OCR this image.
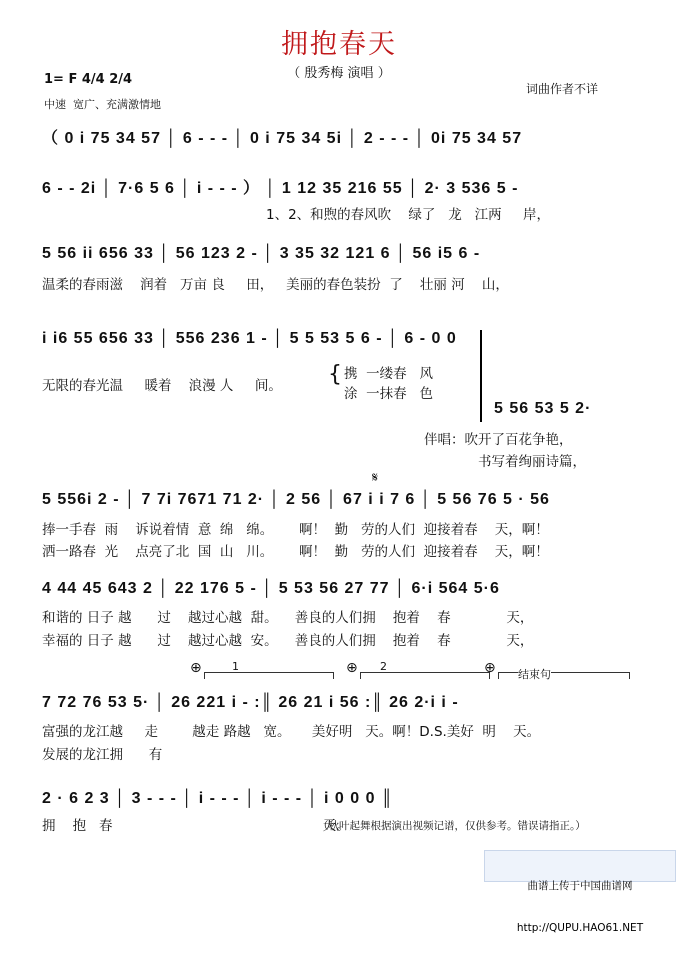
拥抱春天
（ 殷秀梅 演唱 ）
1= F 4/4 2/4
中速  宽广、充满激情地
词曲作者不详
（ 0 i 75 34 57 │ 6 - - - │ 0 i 75 34 5i │ 2 - - - │ 0i 75 34 57
6 - - 2i │ 7·6 5 6 │ i - - - ） │ 1 12 35 216 55 │ 2· 3 536 5 -
1、2、和煦的春风吹    绿了   龙   江两     岸，
5 56 ii 656 33 │ 56 123 2 - │ 3 35 32 121 6 │ 56 i5 6 -
温柔的春雨滋    润着   万亩 良     田，   美丽的春色装扮  了    壮丽 河    山，
i i6 55 656 33 │ 556 236 1 - │ 5 5 53 5 6 - │ 6 - 0 0
无限的春光温     暖着    浪漫 人     间。 { 携  一缕春   风
涂  一抹春   色
5 56 53 5 2·
伴唱：吹开了百花争艳，
书写着绚丽诗篇，
𝄋
5 556i 2 - │ 7 7i 7671 71 2· │ 2 56 │ 67 i i 7 6 │ 5 56 76 5 · 56
捧一手春  雨    诉说着情  意  绵   绵。      啊！  勤   劳的人们  迎接着春    天，啊！
洒一路春  光    点亮了北  国  山   川。      啊！  勤   劳的人们  迎接着春    天，啊！
4 44 45 643 2 │ 22 176 5 - │ 5 53 56 27 77 │ 6·i 564 5·6
和谐的 日子 越      过    越过心越  甜。    善良的人们拥    抱着    春             天，
幸福的 日子 越      过    越过心越  安。    善良的人们拥    抱着    春             天，
⊕	1	⊕ 2	⊕ 结束句
7 72 76 53 5· │ 26 221 i - :║ 26 21 i 56 :║ 26 2·i i -
富强的龙江越     走        越走 路越   宽。     美好明   天。啊！D.S.美好  明    天。
发展的龙江拥      有
2 · 6 2 3 │ 3 - - - │ i - - - │ i - - - │ i 0 0 0 ║
拥    抱   春                                                 天。
（秋叶起舞根据演出视频记谱，仅供参考。错误请指正。）

曲谱上传于中国曲谱网

http://QUPU.HAO61.NET
